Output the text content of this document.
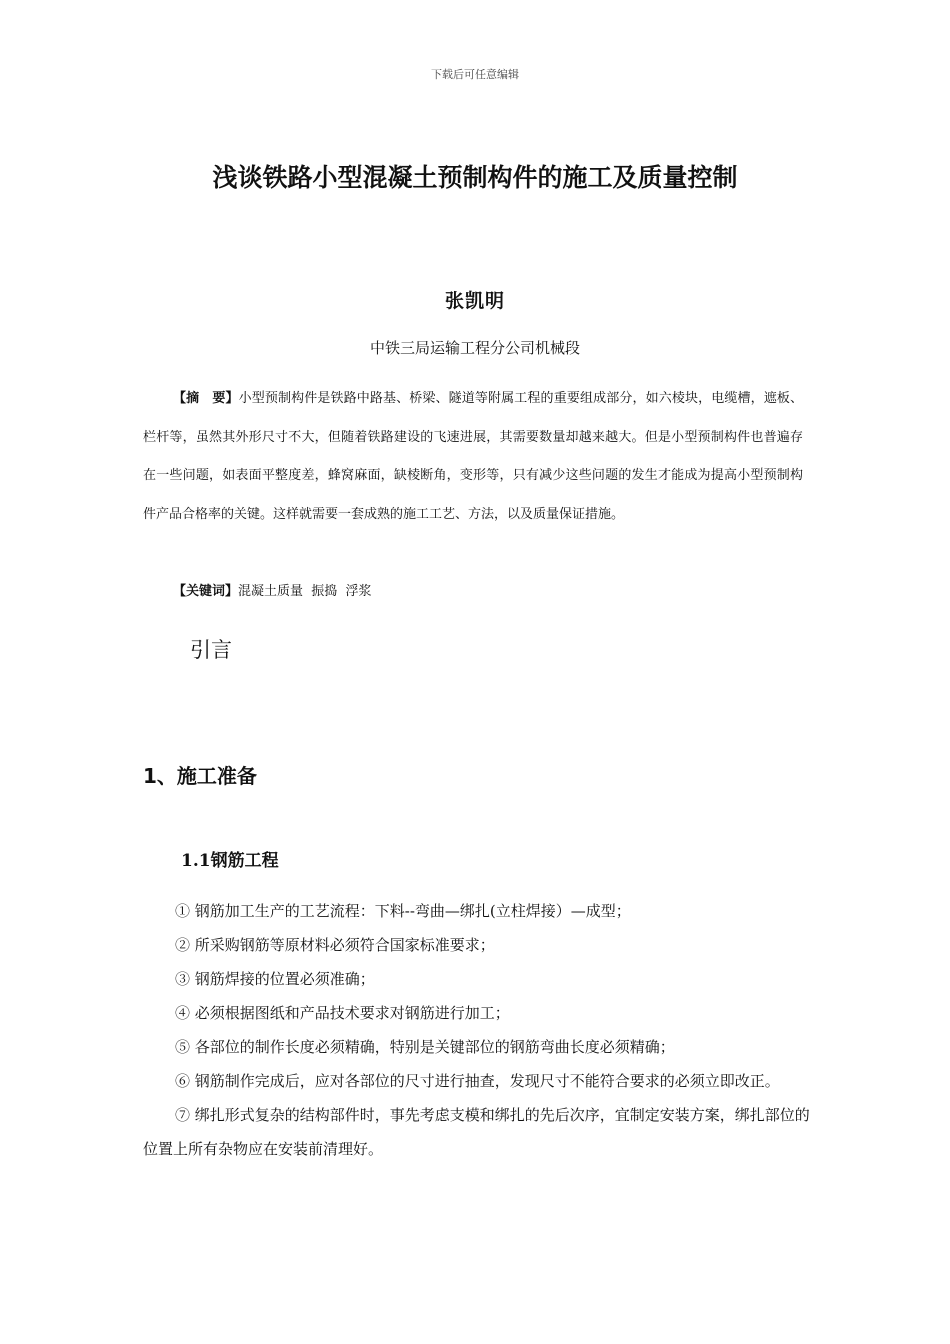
下载后可任意编辑
浅谈铁路小型混凝土预制构件的施工及质量控制
张凯明
中铁三局运输工程分公司机械段

【摘　要】小型预制构件是铁路中路基、桥梁、隧道等附属工程的重要组成部分，如六棱块，电缆槽，遮板、栏杆等，虽然其外形尺寸不大，但随着铁路建设的飞速进展，其需要数量却越来越大。但是小型预制构件也普遍存在一些问题，如表面平整度差，蜂窝麻面，缺棱断角，变形等，只有减少这些问题的发生才能成为提高小型预制构件产品合格率的关键。这样就需要一套成熟的施工工艺、方法，以及质量保证措施。

【关键词】混凝土质量  振捣  浮浆
引言
1、施工准备
1.1钢筋工程

① 钢筋加工生产的工艺流程：下料--弯曲—绑扎(立柱焊接）—成型；

② 所采购钢筋等原材料必须符合国家标准要求；

③ 钢筋焊接的位置必须准确；

④ 必须根据图纸和产品技术要求对钢筋进行加工；

⑤ 各部位的制作长度必须精确，特别是关键部位的钢筋弯曲长度必须精确；

⑥ 钢筋制作完成后，应对各部位的尺寸进行抽查，发现尺寸不能符合要求的必须立即改正。

⑦ 绑扎形式复杂的结构部件时，事先考虑支模和绑扎的先后次序，宜制定安装方案，绑扎部位的位置上所有杂物应在安装前清理好。
